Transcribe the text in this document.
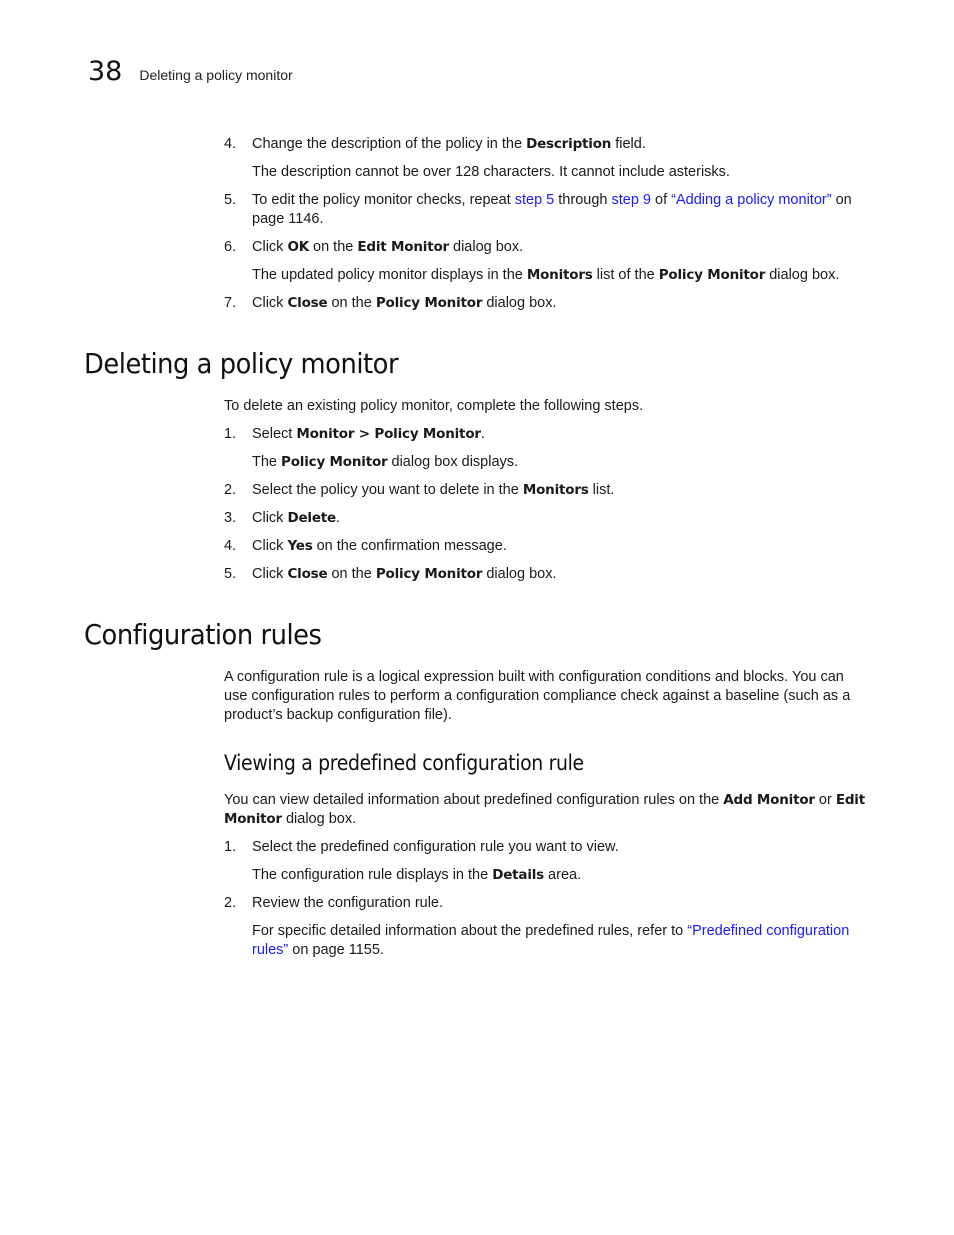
38 Deleting a policy monitor
4.	Change the description of the policy in the Description field.
The description cannot be over 128 characters. It cannot include asterisks.
5.	To edit the policy monitor checks, repeat step 5 through step 9 of “Adding a policy monitor” on page 1146.
6.	Click OK on the Edit Monitor dialog box.
The updated policy monitor displays in the Monitors list of the Policy Monitor dialog box.
7.	Click Close on the Policy Monitor dialog box.
Deleting a policy monitor
To delete an existing policy monitor, complete the following steps.
1.	Select Monitor > Policy Monitor.
The Policy Monitor dialog box displays.
2.	Select the policy you want to delete in the Monitors list.
3.	Click Delete.
4.	Click Yes on the confirmation message.
5.	Click Close on the Policy Monitor dialog box.
Configuration rules
A configuration rule is a logical expression built with configuration conditions and blocks. You can use configuration rules to perform a configuration compliance check against a baseline (such as a product’s backup configuration file).
Viewing a predefined configuration rule
You can view detailed information about predefined configuration rules on the Add Monitor or Edit Monitor dialog box.
1.	Select the predefined configuration rule you want to view.
The configuration rule displays in the Details area.
2.	Review the configuration rule.
For specific detailed information about the predefined rules, refer to “Predefined configuration rules” on page 1155.
